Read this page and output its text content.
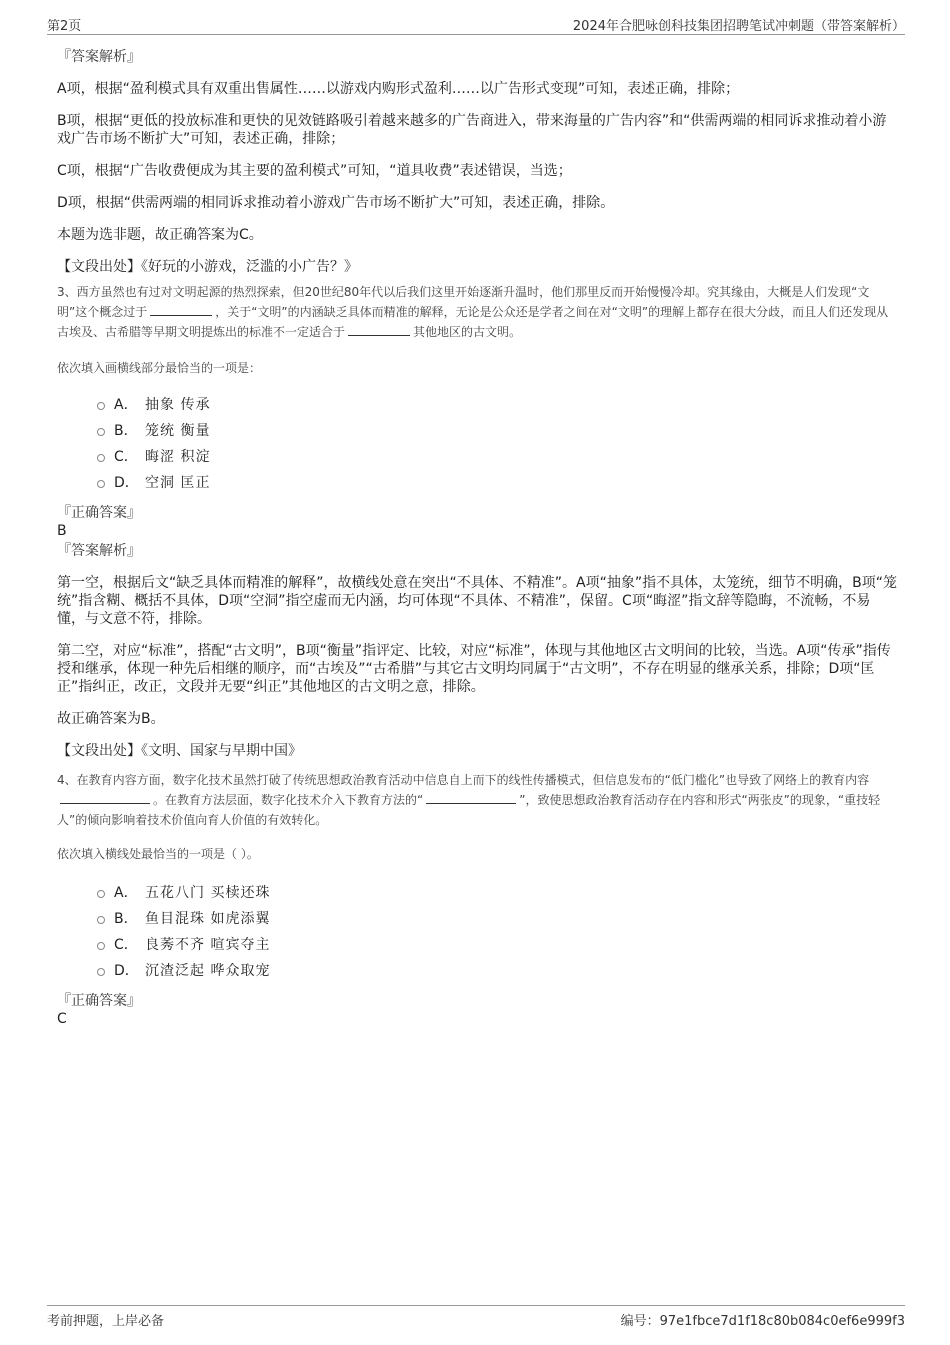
第2页	2024年合肥咏创科技集团招聘笔试冲刺题（带答案解析）

『答案解析』

A项，根据“盈利模式具有双重出售属性……以游戏内购形式盈利……以广告形式变现”可知，表述正确，排除；

B项，根据“更低的投放标准和更快的见效链路吸引着越来越多的广告商进入，带来海量的广告内容”和“供需两端的相同诉求推动着小游戏广告市场不断扩大”可知，表述正确，排除；

C项，根据“广告收费便成为其主要的盈利模式”可知，“道具收费”表述错误，当选；

D项，根据“供需两端的相同诉求推动着小游戏广告市场不断扩大”可知，表述正确，排除。

本题为选非题，故正确答案为C。

【文段出处】《好玩的小游戏，泛滥的小广告？》

3、西方虽然也有过对文明起源的热烈探索，但20世纪80年代以后我们这里开始逐渐升温时，他们那里反而开始慢慢冷却。究其缘由，大概是人们发现“文明”这个概念过于	，关于“文明”的内涵缺乏具体而精准的解释，无论是公众还是学者之间在对“文明”的理解上都存在很大分歧，而且人们还发现从古埃及、古希腊等早期文明提炼出的标准不一定适合于	其他地区的古文明。

依次填入画横线部分最恰当的一项是：

A． 抽象 传承
B． 笼统 衡量
C． 晦涩 积淀
D． 空洞 匡正

『正确答案』

B

『答案解析』

第一空，根据后文“缺乏具体而精准的解释”，故横线处意在突出“不具体、不精准”。A项“抽象”指不具体，太笼统，细节不明确，B项“笼统”指含糊、概括不具体，D项“空洞”指空虚而无内涵，均可体现“不具体、不精准”，保留。C项“晦涩”指文辞等隐晦，不流畅，不易懂，与文意不符，排除。

第二空，对应“标准”，搭配“古文明”，B项“衡量”指评定、比较，对应“标准”，体现与其他地区古文明间的比较，当选。A项“传承”指传授和继承，体现一种先后相继的顺序，而“古埃及”“古希腊”与其它古文明均同属于“古文明”，不存在明显的继承关系，排除；D项“匡正”指纠正，改正，文段并无要“纠正”其他地区的古文明之意，排除。

故正确答案为B。

【文段出处】《文明、国家与早期中国》

4、在教育内容方面，数字化技术虽然打破了传统思想政治教育活动中信息自上而下的线性传播模式，但信息发布的“低门槛化”也导致了网络上的教育内容。在教育方法层面，数字化技术介入下教育方法的“	”，致使思想政治教育活动存在内容和形式“两张皮”的现象，“重技轻人”的倾向影响着技术价值向育人价值的有效转化。

依次填入横线处最恰当的一项是（ ）。

A． 五花八门 买椟还珠
B． 鱼目混珠 如虎添翼
C． 良莠不齐 喧宾夺主
D． 沉渣泛起 哗众取宠

『正确答案』

C

考前押题，上岸必备	编号：97e1fbce7d1f18c80b084c0ef6e999f3
